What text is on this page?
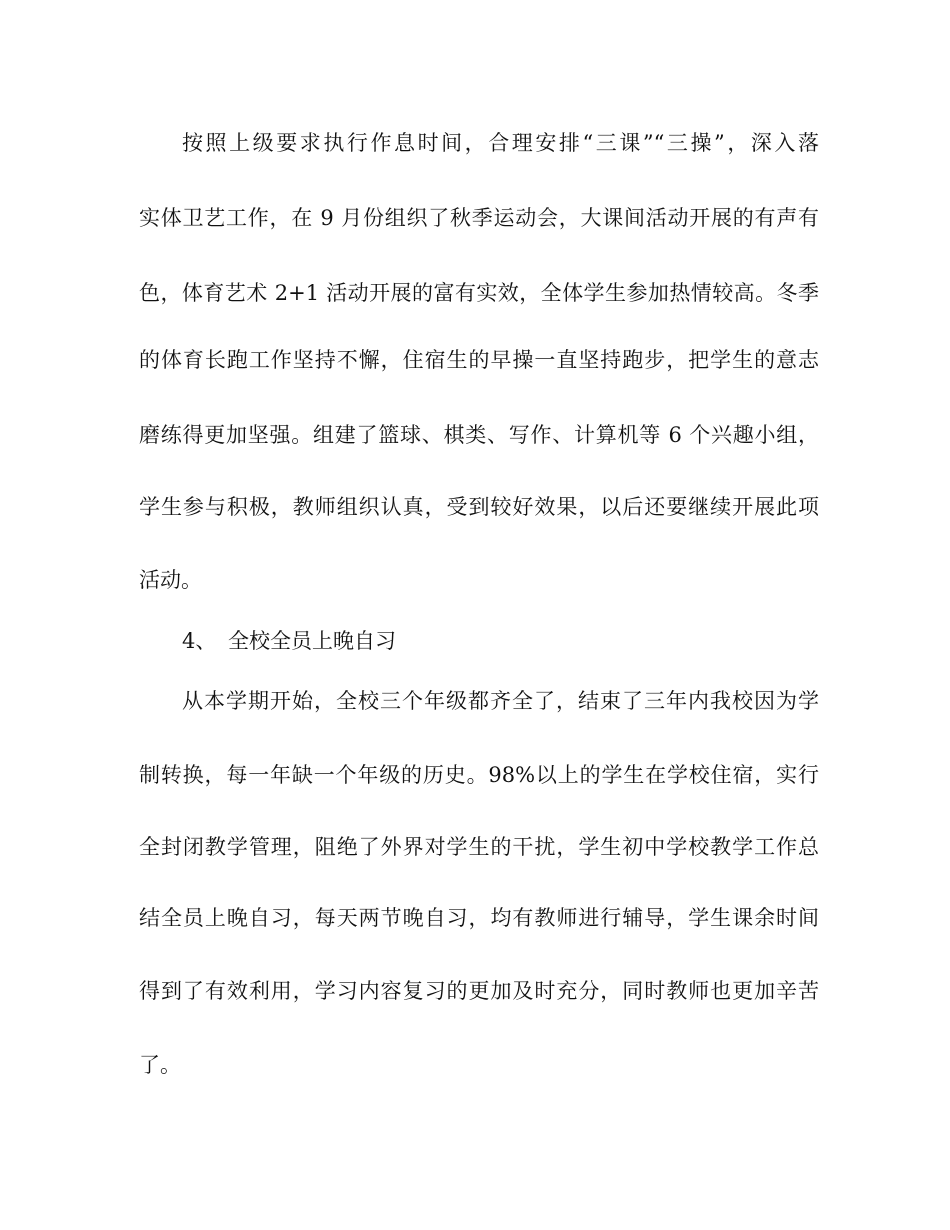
按照上级要求执行作息时间，合理安排“三课”“三操”，深入落

实体卫艺工作，在 9 月份组织了秋季运动会，大课间活动开展的有声有

色，体育艺术 2+1 活动开展的富有实效，全体学生参加热情较高。冬季

的体育长跑工作坚持不懈，住宿生的早操一直坚持跑步，把学生的意志

磨练得更加坚强。组建了篮球、棋类、写作、计算机等 6 个兴趣小组，

学生参与积极，教师组织认真，受到较好效果，以后还要继续开展此项

活动。

4、 全校全员上晚自习

从本学期开始，全校三个年级都齐全了，结束了三年内我校因为学

制转换，每一年缺一个年级的历史。98%以上的学生在学校住宿，实行

全封闭教学管理，阻绝了外界对学生的干扰，学生初中学校教学工作总

结全员上晚自习，每天两节晚自习，均有教师进行辅导，学生课余时间

得到了有效利用，学习内容复习的更加及时充分，同时教师也更加辛苦

了。
